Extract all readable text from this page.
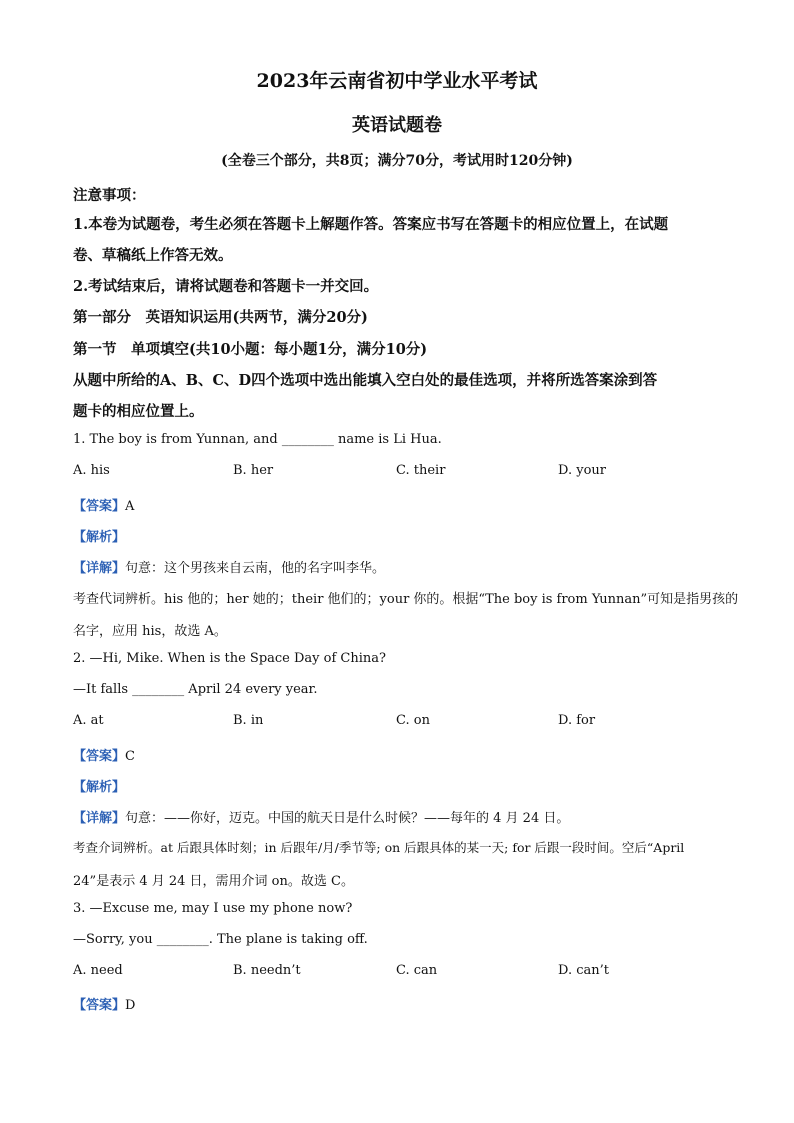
2023年云南省初中学业水平考试
英语试题卷
(全卷三个部分，共8页；满分70分，考试用时120分钟)
注意事项：
1.本卷为试题卷，考生必须在答题卡上解题作答。答案应书写在答题卡的相应位置上，在试题
卷、草稿纸上作答无效。
2.考试结束后，请将试题卷和答题卡一并交回。
第一部分　英语知识运用(共两节，满分20分)
第一节　单项填空(共10小题：每小题1分，满分10分)
从题中所给的A、B、C、D四个选项中选出能填入空白处的最佳选项，并将所选答案涂到答
题卡的相应位置上。
1. The boy is from Yunnan, and ________ name is Li Hua.
A. his	B. her	C. their	D. your
【答案】A
【解析】
【详解】句意：这个男孩来自云南，他的名字叫李华。
考查代词辨析。his 他的；her 她的；their 他们的；your 你的。根据“The boy is from Yunnan”可知是指男孩的
名字，应用 his，故选 A。
2. —Hi, Mike. When is the Space Day of China?
—It falls ________ April 24 every year.
A. at	B. in	C. on	D. for
【答案】C
【解析】
【详解】句意：——你好，迈克。中国的航天日是什么时候？——每年的 4 月 24 日。
考查介词辨析。at 后跟具体时刻；in 后跟年/月/季节等; on 后跟具体的某一天; for 后跟一段时间。空后“April
24”是表示 4 月 24 日，需用介词 on。故选 C。
3. —Excuse me, may I use my phone now?
—Sorry, you ________. The plane is taking off.
A. need	B. needn’t	C. can	D. can’t
【答案】D
